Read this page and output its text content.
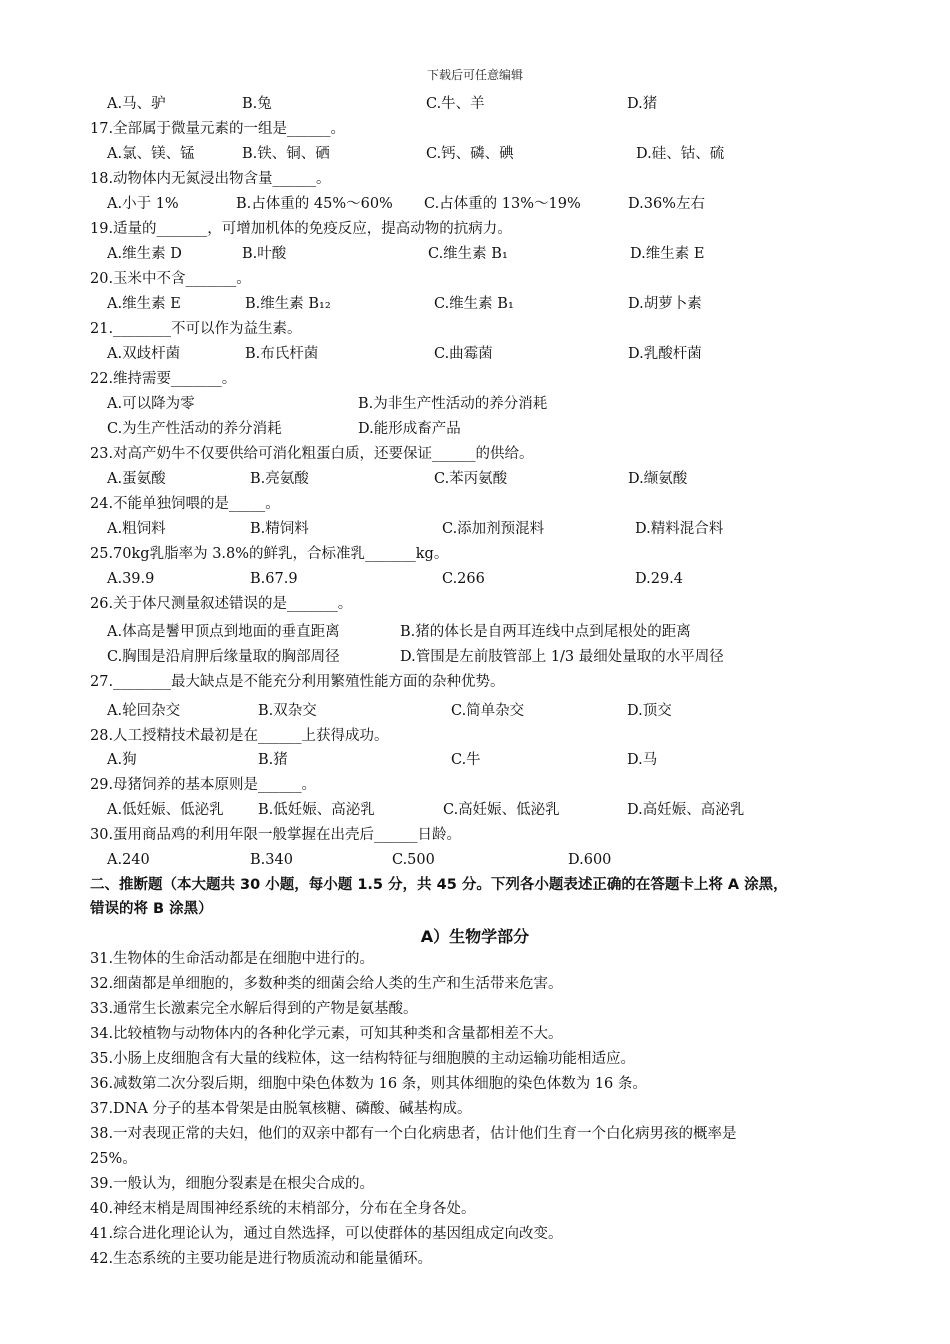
下载后可任意编辑
A.马、驴	B.兔	C.牛、羊	D.猪
17.全部属于微量元素的一组是______。
A.氯、镁、锰	B.铁、铜、硒	C.钙、磷、碘	D.硅、钴、硫
18.动物体内无氮浸出物含量______。
A.小于 1%	B.占体重的 45%～60% C.占体重的 13%～19%	D.36%左右
19.适量的_______，可增加机体的免疫反应，提高动物的抗病力。
A.维生素 D	B.叶酸	C.维生素 B₁	D.维生素 E
20.玉米中不含_______。
A.维生素 E	B.维生素 B₁₂	C.维生素 B₁	D.胡萝卜素
21.________不可以作为益生素。
A.双歧杆菌	B.布氏杆菌	C.曲霉菌	D.乳酸杆菌
22.维持需要_______。
A.可以降为零	B.为非生产性活动的养分消耗
C.为生产性活动的养分消耗	D.能形成畜产品
23.对高产奶牛不仅要供给可消化粗蛋白质，还要保证______的供给。
A.蛋氨酸	B.亮氨酸	C.苯丙氨酸	D.缬氨酸
24.不能单独饲喂的是_____。
A.粗饲料	B.精饲料	C.添加剂预混料	D.精料混合料
25.70kg乳脂率为 3.8%的鲜乳，合标准乳_______kg。
A.39.9	B.67.9	C.266	D.29.4
26.关于体尺测量叙述错误的是_______。
A.体高是鬐甲顶点到地面的垂直距离	B.猪的体长是自两耳连线中点到尾根处的距离
C.胸围是沿肩胛后缘量取的胸部周径	D.管围是左前肢管部上 1/3 最细处量取的水平周径
27.________最大缺点是不能充分利用繁殖性能方面的杂种优势。
A.轮回杂交	B.双杂交	C.简单杂交	D.顶交
28.人工授精技术最初是在______上获得成功。
A.狗	B.猪	C.牛	D.马
29.母猪饲养的基本原则是______。
A.低妊娠、低泌乳 B.低妊娠、高泌乳	C.高妊娠、低泌乳	D.高妊娠、高泌乳
30.蛋用商品鸡的利用年限一般掌握在出壳后______日龄。
A.240	B.340	C.500	D.600
二、推断题（本大题共 30 小题，每小题 1.5 分，共 45 分。下列各小题表述正确的在答题卡上将 A 涂黑，
错误的将 B 涂黑）
A）生物学部分
31.生物体的生命活动都是在细胞中进行的。
32.细菌都是单细胞的，多数种类的细菌会给人类的生产和生活带来危害。
33.通常生长激素完全水解后得到的产物是氨基酸。
34.比较植物与动物体内的各种化学元素，可知其种类和含量都相差不大。
35.小肠上皮细胞含有大量的线粒体，这一结构特征与细胞膜的主动运输功能相适应。
36.减数第二次分裂后期，细胞中染色体数为 16 条，则其体细胞的染色体数为 16 条。
37.DNA 分子的基本骨架是由脱氧核糖、磷酸、碱基构成。
38.一对表现正常的夫妇，他们的双亲中都有一个白化病患者，估计他们生育一个白化病男孩的概率是
25%。
39.一般认为，细胞分裂素是在根尖合成的。
40.神经末梢是周围神经系统的末梢部分，分布在全身各处。
41.综合进化理论认为，通过自然选择，可以使群体的基因组成定向改变。
42.生态系统的主要功能是进行物质流动和能量循环。
